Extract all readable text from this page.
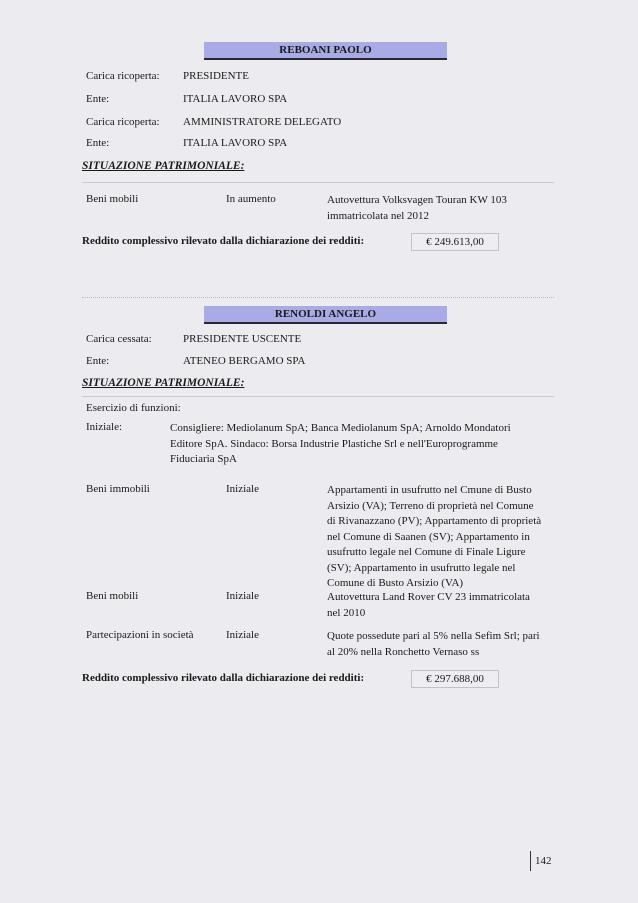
REBOANI PAOLO
Carica ricoperta: PRESIDENTE
Ente:	ITALIA LAVORO SPA
Carica ricoperta: AMMINISTRATORE DELEGATO
Ente:	ITALIA LAVORO SPA
SITUAZIONE PATRIMONIALE:
Beni mobili	In aumento	Autovettura Volksvagen Touran KW 103
immatricolata nel 2012
Reddito complessivo rilevato dalla dichiarazione dei redditi:	€ 249.613,00
RENOLDI ANGELO
Carica cessata:	PRESIDENTE USCENTE
Ente:	ATENEO BERGAMO SPA
SITUAZIONE PATRIMONIALE:
Esercizio di funzioni:
Iniziale:	Consigliere: Mediolanum SpA; Banca Mediolanum SpA; Arnoldo Mondatori
Editore SpA. Sindaco: Borsa Industrie Plastiche Srl e nell'Europrogramme
Fiduciaria SpA
Beni immobili	Iniziale	Appartamenti in usufrutto nel Cmune di Busto
Arsizio (VA); Terreno di proprietà nel Comune
di Rivanazzano (PV); Appartamento di proprietà
nel Comune di Saanen (SV); Appartamento in
usufrutto legale nel Comune di Finale Ligure
(SV); Appartamento in usufrutto legale nel
Comune di Busto Arsizio (VA)
Beni mobili	Iniziale	Autovettura Land Rover CV 23 immatricolata
nel 2010
Partecipazioni in società	Iniziale	Quote possedute pari al 5% nella Sefim Srl; pari
al 20% nella Ronchetto Vernaso ss
Reddito complessivo rilevato dalla dichiarazione dei redditi:	€ 297.688,00
142
